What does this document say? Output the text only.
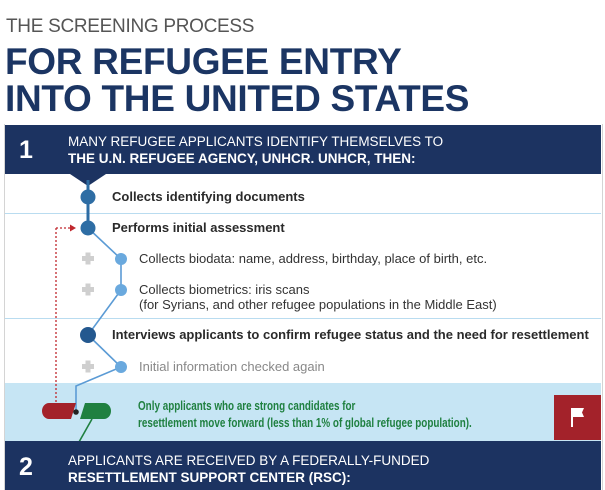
THE SCREENING PROCESS
FOR REFUGEE ENTRY
INTO THE UNITED STATES
1	MANY REFUGEE APPLICANTS IDENTIFY THEMSELVES TO
THE U.N. REFUGEE AGENCY, UNHCR. UNHCR, THEN:
Collects identifying documents
Performs initial assessment
Collects biodata: name, address, birthday, place of birth, etc.
Collects biometrics: iris scans
(for Syrians, and other refugee populations in the Middle East)
Interviews applicants to confirm refugee status and the need for resettlement
Initial information checked again
Only applicants who are strong candidates for
resettlement move forward (less than 1% of global refugee population).
2	APPLICANTS ARE RECEIVED BY A FEDERALLY-FUNDED
RESETTLEMENT SUPPORT CENTER (RSC):
